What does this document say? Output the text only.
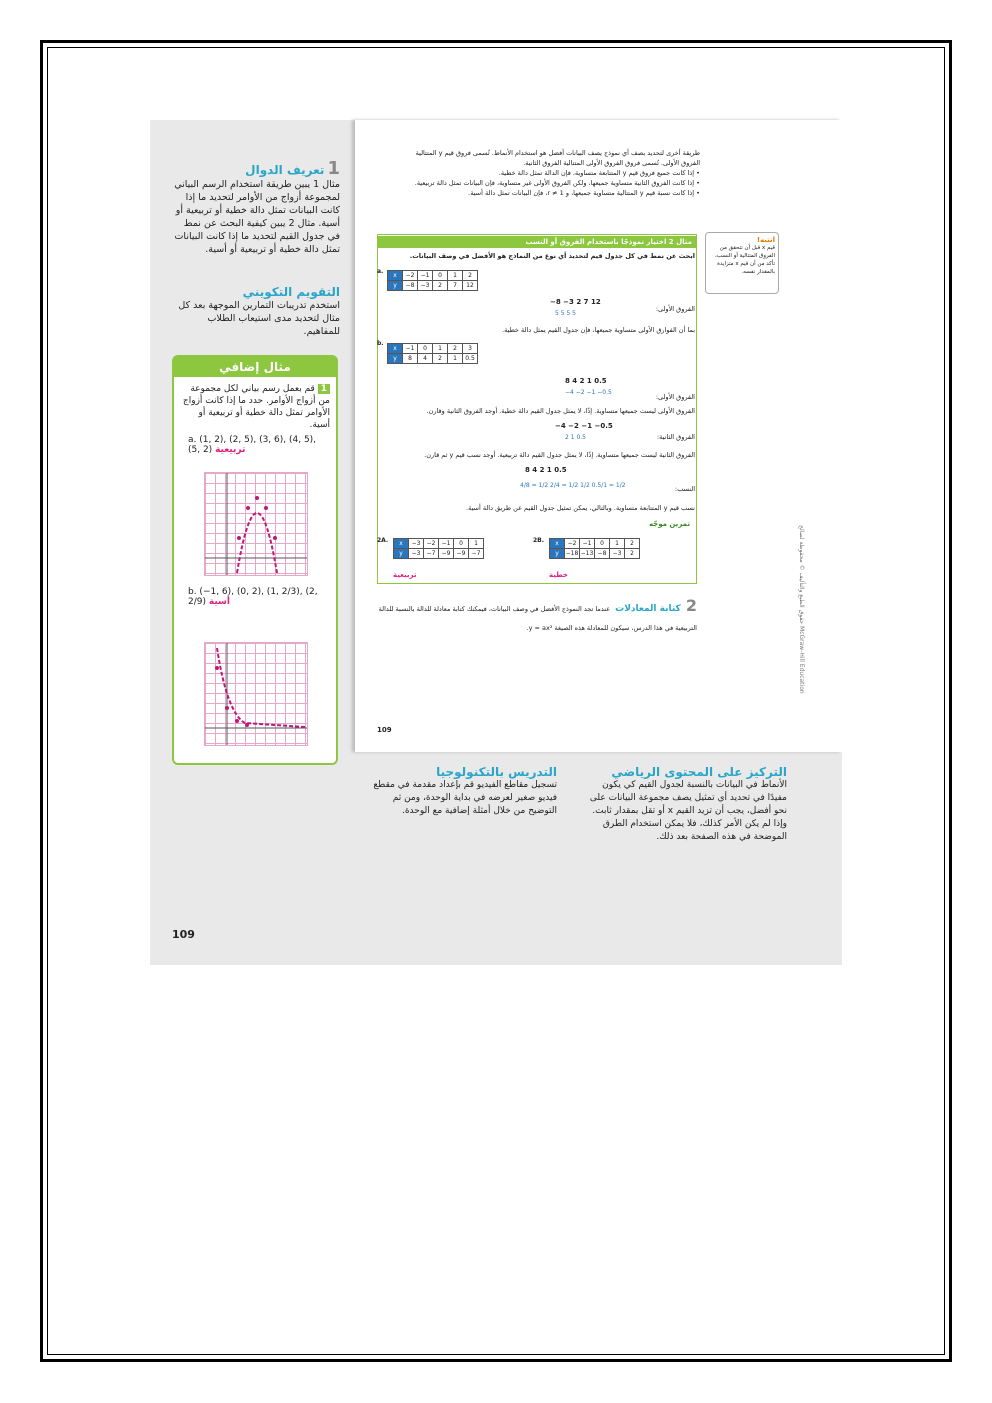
1 تعريف الدوال
مثال 1 يبين طريقة استخدام الرسم البياني لمجموعة أزواج من الأوامر لتحديد ما إذا كانت البيانات تمثل دالة خطية أو تربيعية أو أسية. مثال 2 يبين كيفية البحث عن نمط في جدول القيم لتحديد ما إذا كانت البيانات تمثل دالة خطية أو تربيعية أو أسية.
التقويم التكويني
استخدم تدريبات التمارين الموجهة بعد كل مثال لتحديد مدى استيعاب الطلاب للمفاهيم.
مثال إضافي
1 قم بعمل رسم بياني لكل مجموعة من أزواج الأوامر. حدد ما إذا كانت أزواج الأوامر تمثل دالة خطية أو تربيعية أو أسية.
a. (1, 2), (2, 5), (3, 6), (4, 5), (5, 2) تربيعية
b. (−1, 6), (0, 2), (1, 2/3), (2, 2/9) أسية
طريقة أخرى لتحديد بصف أي نموذج يصف البيانات أفضل هو استخدام الأنماط. تُسمى فروق قيم y المتتالية الفروق الأولى. تُسمى فروق الفروق الأولى المتتالية الفروق الثانية.
• إذا كانت جميع فروق قيم y المتتابعة متساوية، فإن الدالة تمثل دالة خطية.
• إذا كانت الفروق الثانية متساوية جميعها، ولكن الفروق الأولى غير متساوية، فإن البيانات تمثل دالة تربيعية.
• إذا كانت نسبة قيم y المتتالية متساوية جميعها، و r ≠ 1، فإن البيانات تمثل دالة أسية.
مثال 2 اختيار نموذجًا باستخدام الفروق أو النسب
ابحث عن نمط في كل جدول قيم لتحديد أي نوع من النماذج هو الأفضل في وصف البيانات.
a.
x	−2	−1	0	1	2
y	−8	−3	2	7	12
−8 −3 2 7 12
5 5 5 5
الفروق الأولى:
بما أن الفوارق الأولى متساوية جميعها، فإن جدول القيم يمثل دالة خطية.
b.
x	−1	0	1	2	3
y	8	4	2	1	0.5
8 4 2 1 0.5
−4 −2 −1 −0.5
الفروق الأولى:
الفروق الأولى ليست جميعها متساوية. إذًا، لا يمثل جدول القيم دالة خطية. أوجد الفروق الثانية وقارن.
−4 −2 −1 −0.5
2 1 0.5	الفروق الثانية:
الفروق الثانية ليست جميعها متساوية. إذًا، لا يمثل جدول القيم دالة تربيعية. أوجد نسب قيم y ثم قارن.
8 4 2 1 0.5
4/8 = 1/2 2/4 = 1/2 1/2 0.5/1 = 1/2	النسب:
نسب قيم y المتتابعة متساوية. وبالتالي، يمكن تمثيل جدول القيم عن طريق دالة أسية.
تمرين موجّه
2A. x	−3	−2	−1	0	1
y	−3	−7	−9	−9	−7
تربيعية
2B. x	−2	−1	0	1	2
y	−18	−13	−8	−3	2
خطية
2 كتابة المعادلات عندما تجد النموذج الأفضل في وصف البيانات، فيمكنك كتابة معادلة للدالة بالنسبة للدالة التربيعية في هذا الدرس، سيكون للمعادلة هذه الصيغة y = ax².
انتبه!
قيم x قبل أن تتحقق من الفروق المتتالية أو النسب، تأكد من أن قيم x متزايدة بالمقدار نفسه.
109
حقوق الطبع والتأليف © محفوظة لصالح McGraw-Hill Education
التركيز على المحتوى الرياضي
الأنماط في البيانات بالنسبة لجدول القيم كي يكون مفيدًا في تحديد أي تمثيل يصف مجموعة البيانات على نحو أفضل، يجب أن تزيد القيم x أو تقل بمقدار ثابت. وإذا لم يكن الأمر كذلك، فلا يمكن استخدام الطرق الموضحة في هذه الصفحة بعد ذلك.
التدريس بالتكنولوجيا
تسجيل مقاطع الفيديو قم بإعداد مقدمة في مقطع فيديو صغير لعرضه في بداية الوحدة، ومن ثم التوضيح من خلال أمثلة إضافية مع الوحدة.
109
